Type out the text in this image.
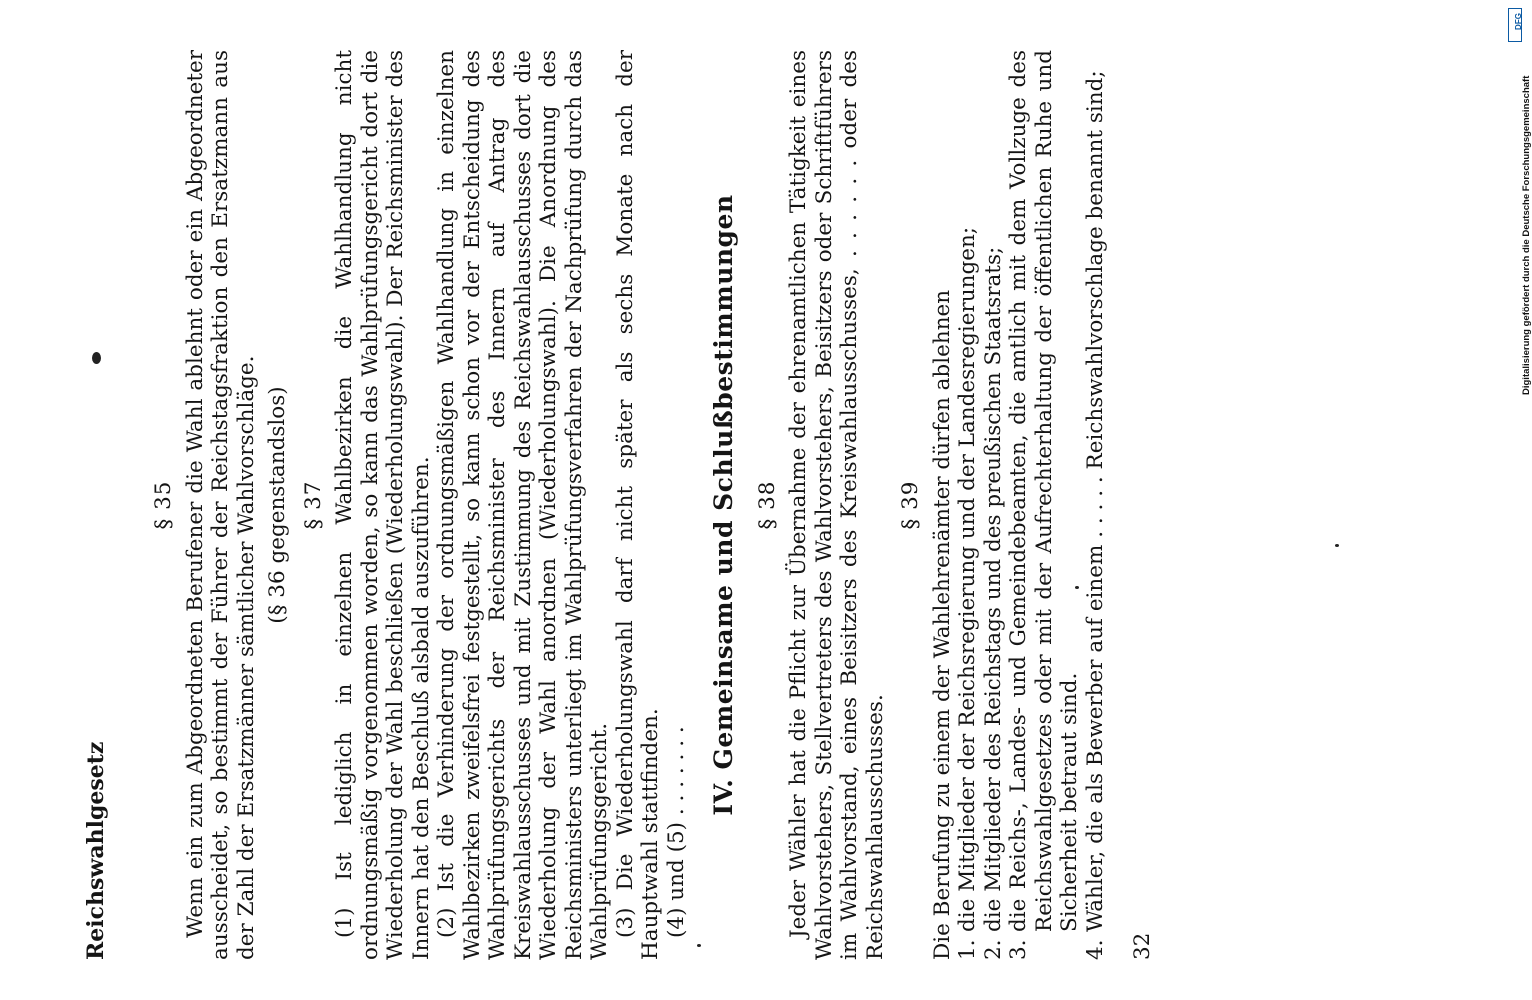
Reichswahlgesetz
§ 35 Wenn ein zum Abgeordneten Berufener die Wahl ablehnt oder ein Abgeordneter ausscheidet, so bestimmt der Führer der Reichstagsfraktion den Ersatzmann aus der Zahl der Ersatzmänner sämtlicher Wahlvorschläge. (§ 36 gegenstandslos) § 37 (1) Ist lediglich in einzelnen Wahlbezirken die Wahlhandlung nicht ordnungsmäßig vorgenommen worden, so kann das Wahlprüfungsgericht dort die Wiederholung der Wahl beschließen (Wiederholungswahl). Der Reichsminister des Innern hat den Beschluß alsbald auszuführen. (2) Ist die Verhinderung der ordnungsmäßigen Wahlhandlung in einzelnen Wahlbezirken zweifelsfrei festgestellt, so kann schon vor der Entscheidung des Wahlprüfungsgerichts der Reichsminister des Innern auf Antrag des Kreiswahlausschusses und mit Zustimmung des Reichswahlausschusses dort die Wiederholung der Wahl anordnen (Wiederholungswahl). Die Anordnung des Reichsministers unterliegt im Wahlprüfungsverfahren der Nachprüfung durch das Wahlprüfungsgericht. (3) Die Wiederholungswahl darf nicht später als sechs Monate nach der Hauptwahl stattfinden. (4) und (5) . . . . . . .

IV. Gemeinsame und Schlußbestimmungen § 38 Jeder Wähler hat die Pflicht zur Übernahme der ehrenamtlichen Tätigkeit eines Wahlvorstehers, Stellvertreters des Wahlvorstehers, Beisitzers oder Schriftführers im Wahlvorstand, eines Beisitzers des Kreiswahlausschusses, . . . . . . oder des Reichswahlausschusses.

§ 39 Die Berufung zu einem der Wahlehrenämter dürfen ablehnen 1.
die Mitglieder der Reichsregierung und der Landesregierungen;
2.
die Mitglieder des Reichstags und des preußischen Staatsrats;
3.
die Reichs-, Landes- und Gemeindebeamten, die amtlich mit dem Vollzuge des Reichswahlgesetzes oder mit der Aufrechterhaltung der öffentlichen Ruhe und Sicherheit betraut sind.
4.
Wähler, die als Bewerber auf einem . . . . . Reichswahlvorschlage benannt sind;
32
DFG
Digitalisierung gefördert durch die Deutsche Forschungsgemeinschaft
